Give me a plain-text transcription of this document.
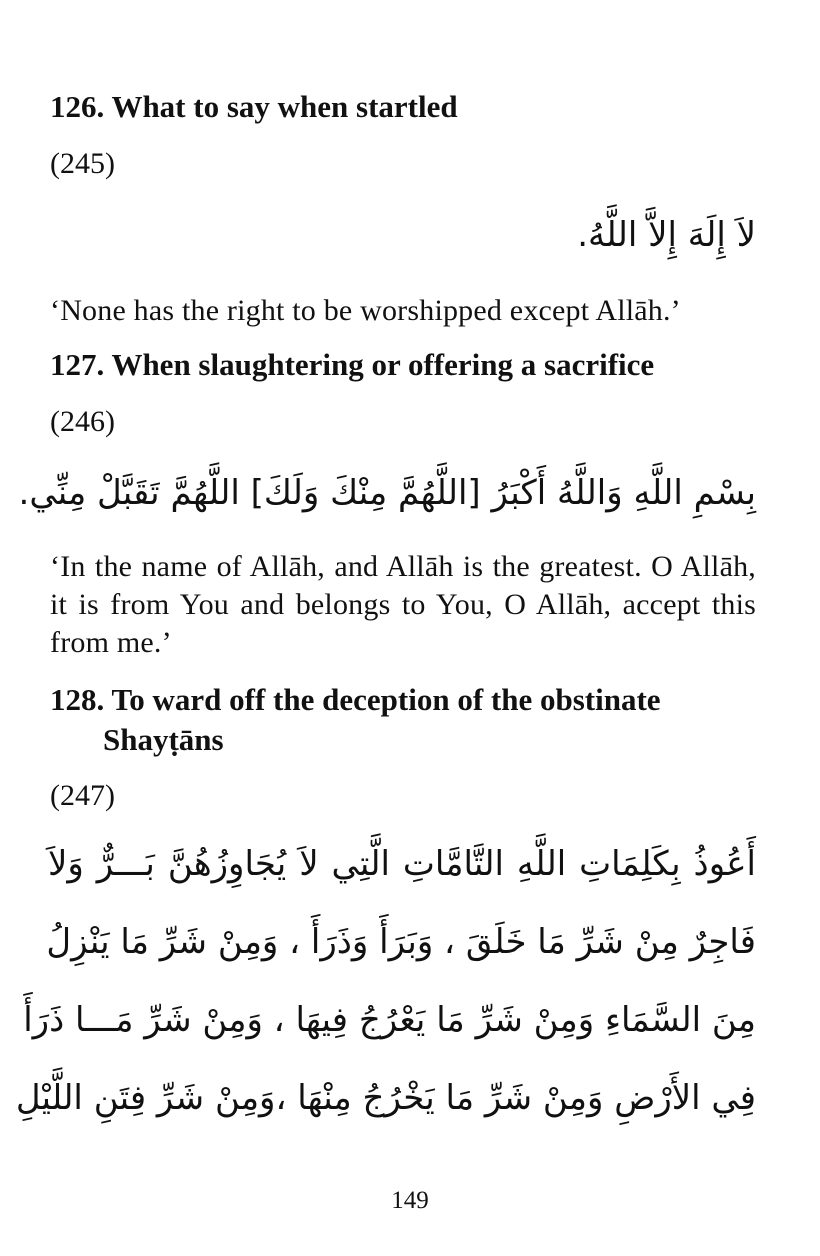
126. What to say when startled
(245)
لاَ إِلَهَ إِلاَّ اللَّهُ.
‘None has the right to be worshipped except Allāh.’
127. When slaughtering or offering a sacrifice
(246)
بِسْمِ اللَّهِ وَاللَّهُ أَكْبَرُ [اللَّهُمَّ مِنْكَ وَلَكَ] اللَّهُمَّ تَقَبَّلْ مِنِّي.
‘In the name of Allāh, and Allāh is the greatest. O Allāh, it is from You and belongs to You, O Allāh, accept this from me.’
128. To ward off the deception of the obstinate
Shayṭāns
(247)
أَعُوذُ بِكَلِمَاتِ اللَّهِ التَّامَّاتِ الَّتِي لاَ يُجَاوِزُهُنَّ بَـــرٌّ وَلاَ
فَاجِرٌ مِنْ شَرِّ مَا خَلَقَ ، وَبَرَأَ وَذَرَأَ ، وَمِنْ شَرِّ مَا يَنْزِلُ
مِنَ السَّمَاءِ وَمِنْ شَرِّ مَا يَعْرُجُ فِيهَا ، وَمِنْ شَرِّ مَـــا ذَرَأَ
فِي الأَرْضِ وَمِنْ شَرِّ مَا يَخْرُجُ مِنْهَا ،وَمِنْ شَرِّ فِتَنِ اللَّيْلِ
149
